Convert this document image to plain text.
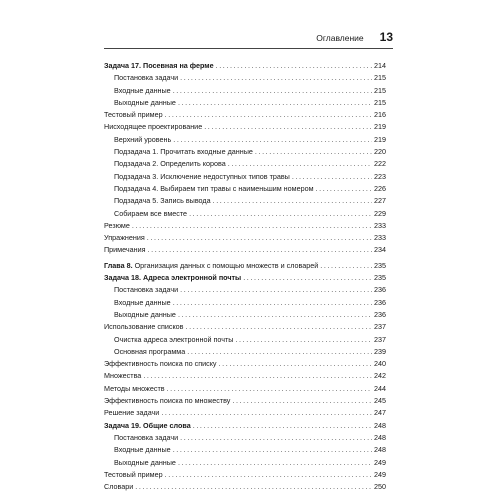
Оглавление 13
Задача 17. Посевная на ферме .....	214
Постановка задачи .....	215
Входные данные .....	215
Выходные данные .....	215
Тестовый пример .....	216
Нисходящее проектирование .....	219
Верхний уровень .....	219
Подзадача 1. Прочитать входные данные .....	220
Подзадача 2. Определить корова .....	222
Подзадача 3. Исключение недоступных типов травы .....	223
Подзадача 4. Выбираем тип травы с наименьшим номером .....	226
Подзадача 5. Запись вывода .....	227
Собираем все вместе .....	229
Резюме .....	233
Упражнения .....	233
Примечания .....	234
Глава 8. Организация данных с помощью множеств и словарей .....	235
Задача 18. Адреса электронной почты .....	235
Постановка задачи .....	236
Входные данные .....	236
Выходные данные .....	236
Использование списков .....	237
Очистка адреса электронной почты .....	237
Основная программа .....	239
Эффективность поиска по списку .....	240
Множества .....	242
Методы множеств .....	244
Эффективность поиска по множеству .....	245
Решение задачи .....	247
Задача 19. Общие слова .....	248
Постановка задачи .....	248
Входные данные .....	248
Выходные данные .....	249
Тестовый пример .....	249
Словари .....	250
